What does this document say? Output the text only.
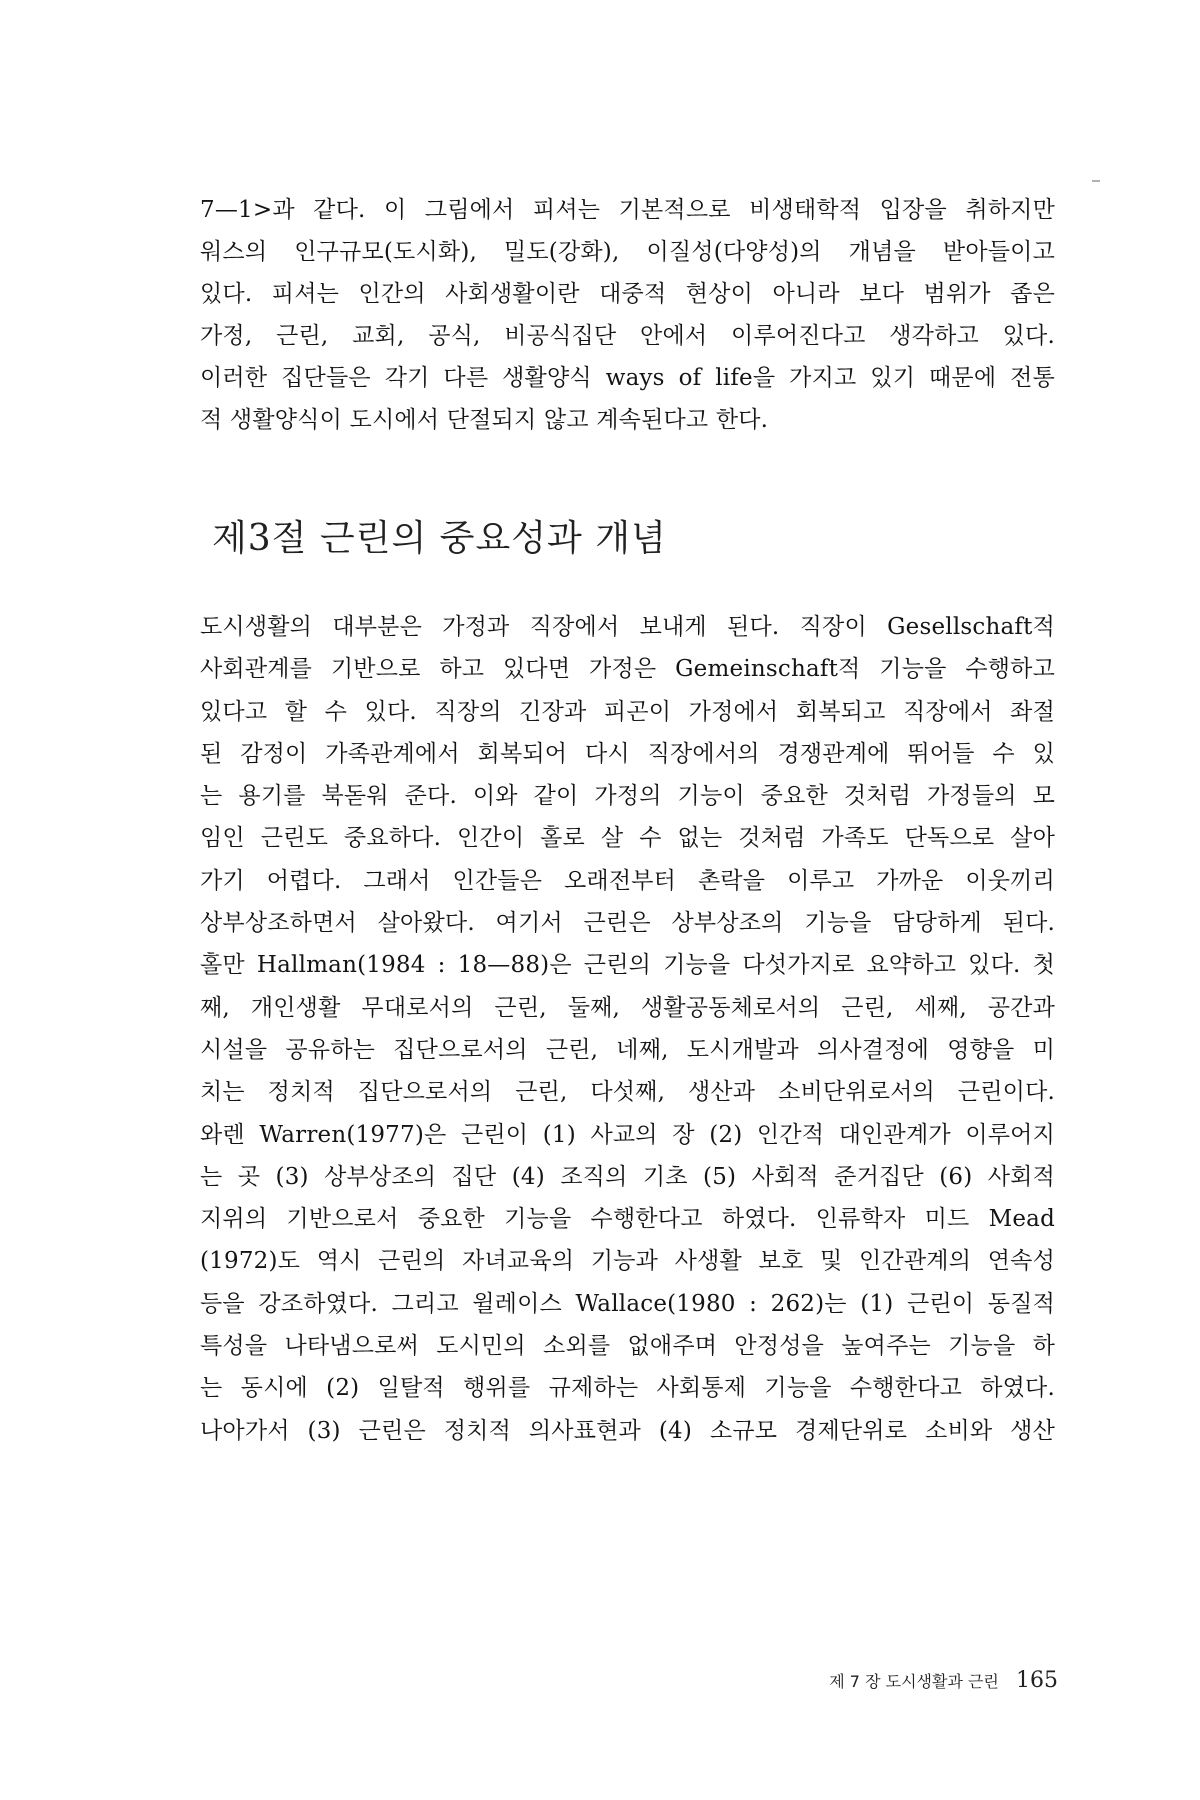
7—1>과 같다. 이 그림에서 피셔는 기본적으로 비생태학적 입장을 취하지만
워스의 인구규모(도시화), 밀도(강화), 이질성(다양성)의 개념을 받아들이고
있다. 피셔는 인간의 사회생활이란 대중적 현상이 아니라 보다 범위가 좁은
가정, 근린, 교회, 공식, 비공식집단 안에서 이루어진다고 생각하고 있다.
이러한 집단들은 각기 다른 생활양식 ways of life을 가지고 있기 때문에 전통
적 생활양식이 도시에서 단절되지 않고 계속된다고 한다.
제3절 근린의 중요성과 개념
도시생활의 대부분은 가정과 직장에서 보내게 된다. 직장이 Gesellschaft적
사회관계를 기반으로 하고 있다면 가정은 Gemeinschaft적 기능을 수행하고
있다고 할 수 있다. 직장의 긴장과 피곤이 가정에서 회복되고 직장에서 좌절
된 감정이 가족관계에서 회복되어 다시 직장에서의 경쟁관계에 뛰어들 수 있
는 용기를 북돋워 준다. 이와 같이 가정의 기능이 중요한 것처럼 가정들의 모
임인 근린도 중요하다. 인간이 홀로 살 수 없는 것처럼 가족도 단독으로 살아
가기 어렵다. 그래서 인간들은 오래전부터 촌락을 이루고 가까운 이웃끼리
상부상조하면서 살아왔다. 여기서 근린은 상부상조의 기능을 담당하게 된다.
홀만 Hallman(1984 : 18—88)은 근린의 기능을 다섯가지로 요약하고 있다. 첫
째, 개인생활 무대로서의 근린, 둘째, 생활공동체로서의 근린, 세째, 공간과
시설을 공유하는 집단으로서의 근린, 네째, 도시개발과 의사결정에 영향을 미
치는 정치적 집단으로서의 근린, 다섯째, 생산과 소비단위로서의 근린이다.
와렌 Warren(1977)은 근린이 (1) 사교의 장 (2) 인간적 대인관계가 이루어지
는 곳 (3) 상부상조의 집단 (4) 조직의 기초 (5) 사회적 준거집단 (6) 사회적
지위의 기반으로서 중요한 기능을 수행한다고 하였다. 인류학자 미드 Mead
(1972)도 역시 근린의 자녀교육의 기능과 사생활 보호 및 인간관계의 연속성
등을 강조하였다. 그리고 윌레이스 Wallace(1980 : 262)는 (1) 근린이 동질적
특성을 나타냄으로써 도시민의 소외를 없애주며 안정성을 높여주는 기능을 하
는 동시에 (2) 일탈적 행위를 규제하는 사회통제 기능을 수행한다고 하였다.
나아가서 (3) 근린은 정치적 의사표현과 (4) 소규모 경제단위로 소비와 생산
제 7 장 도시생활과 근린 165
